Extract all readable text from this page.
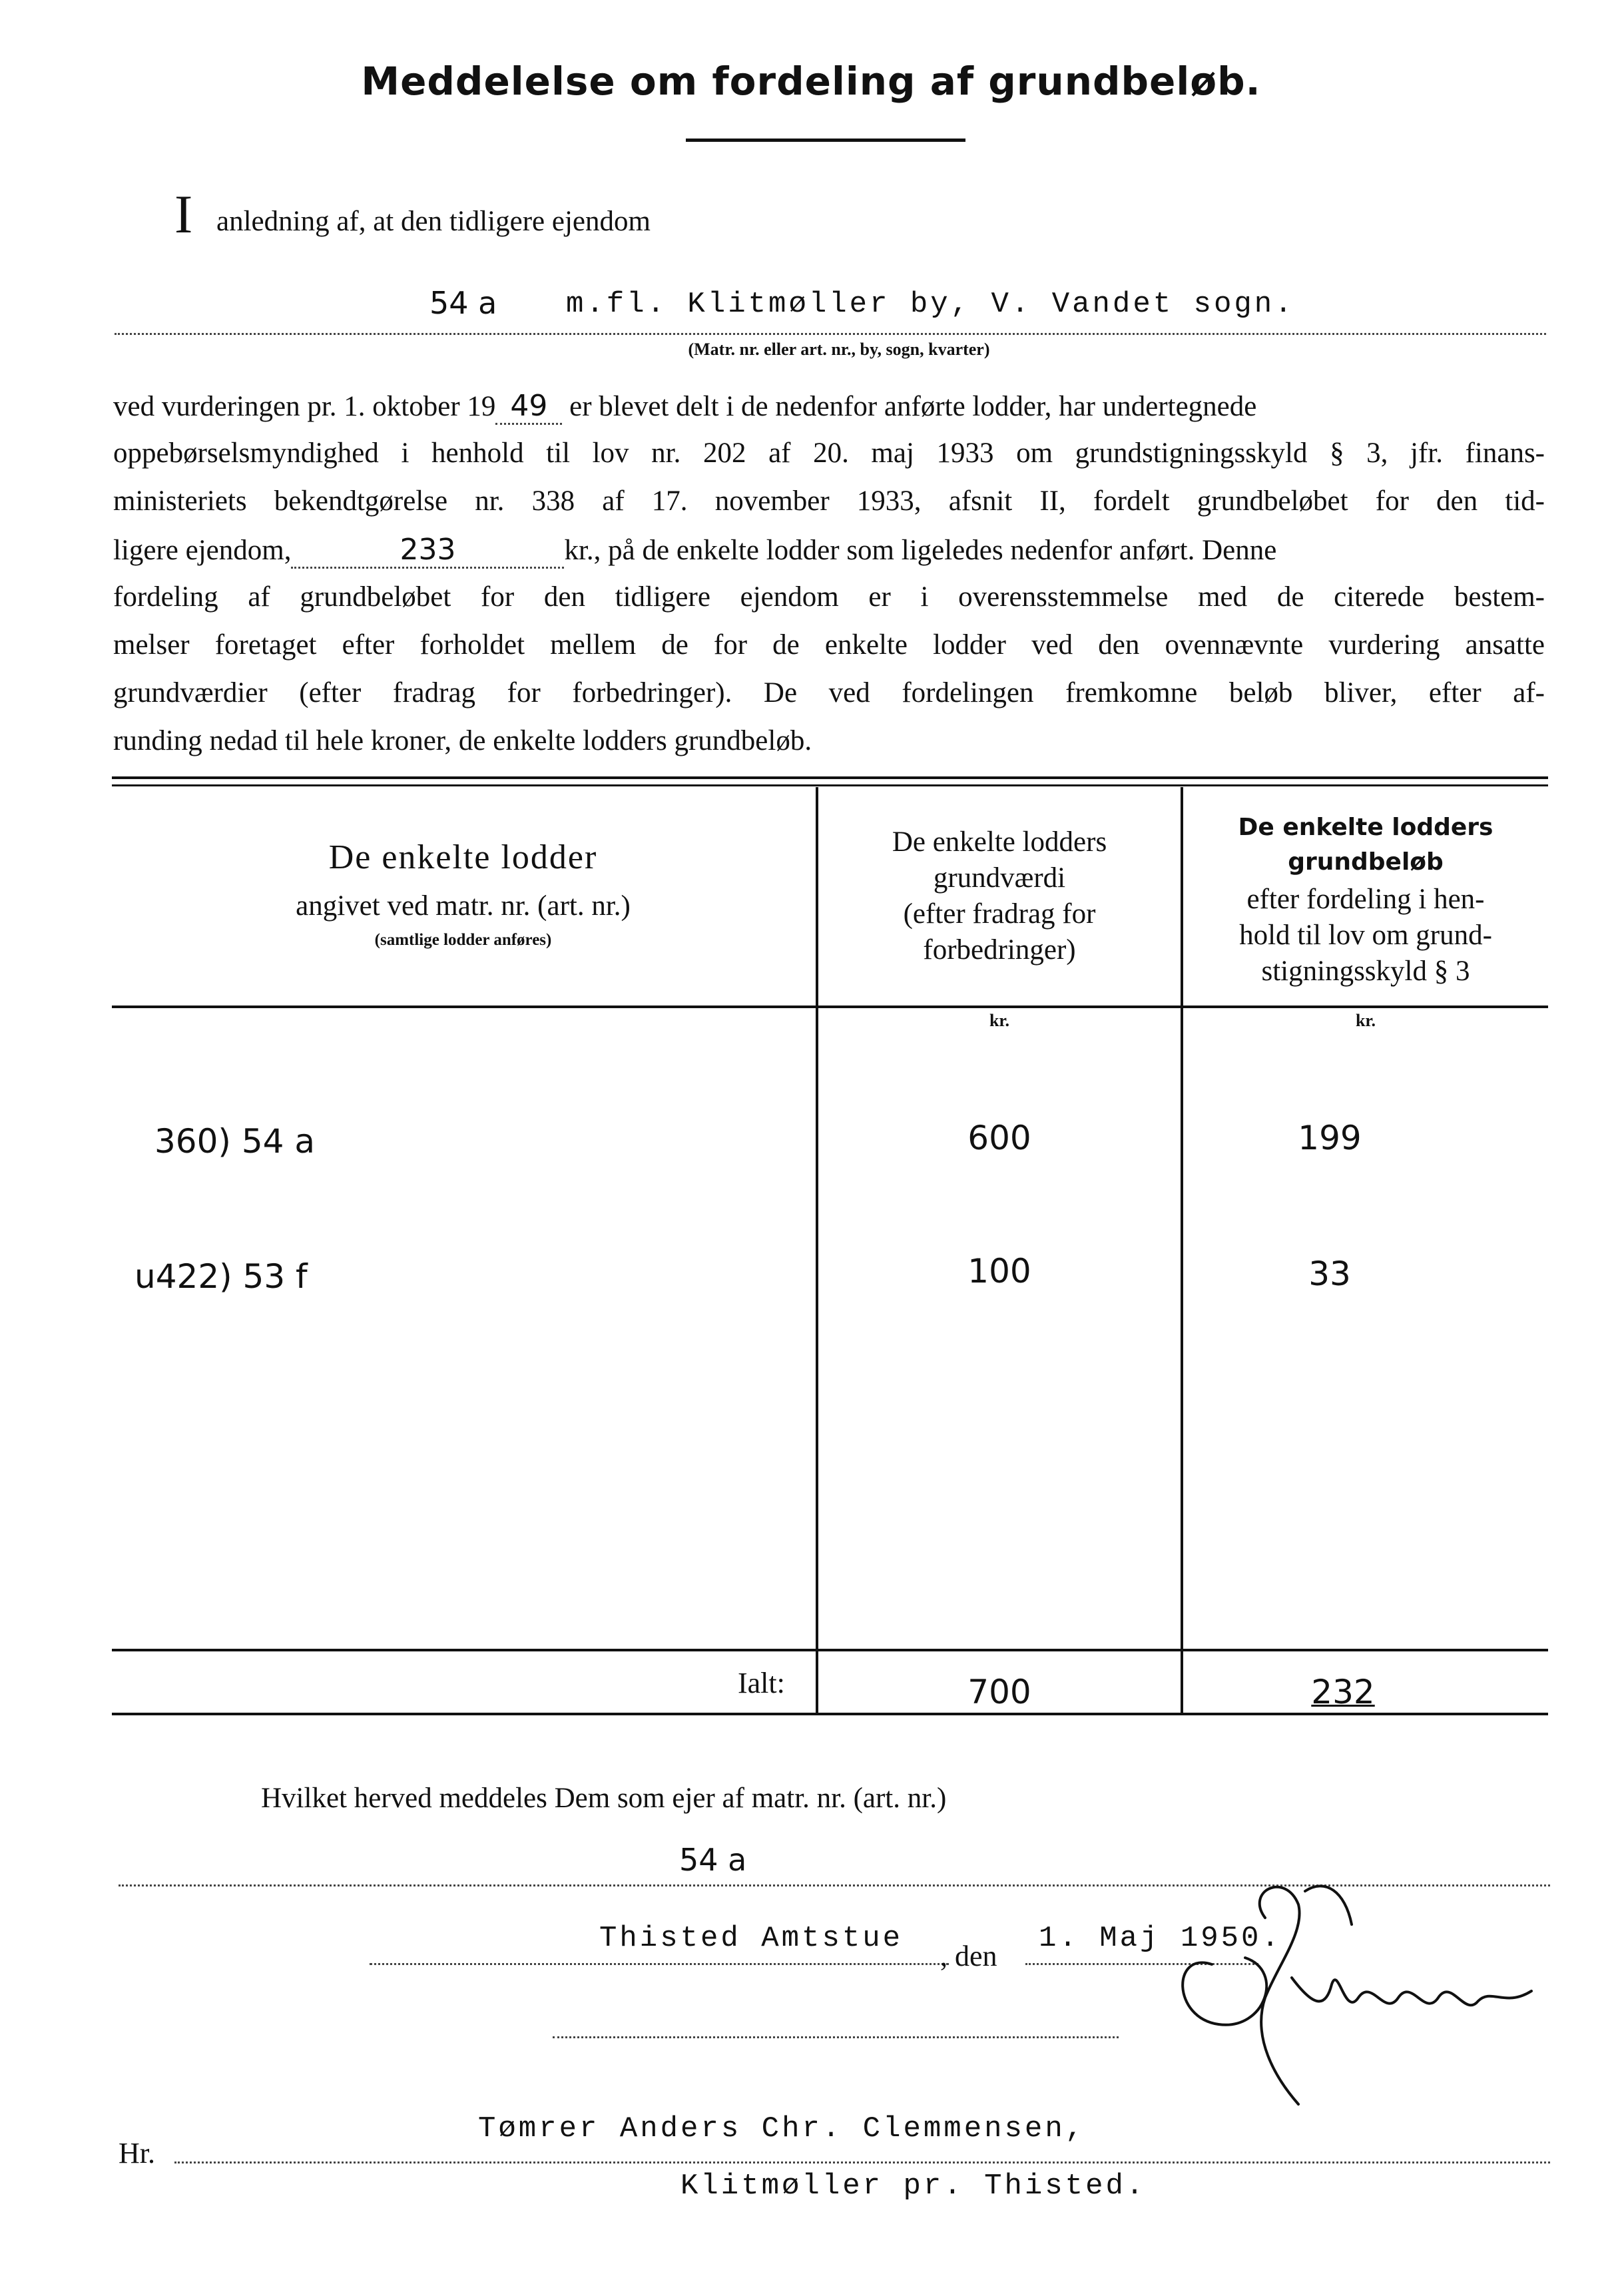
Meddelelse om fordeling af grundbeløb.
I anledning af, at den tidligere ejendom
54 a m.fl. Klitmøller by, V. Vandet sogn.
(Matr. nr. eller art. nr., by, sogn, kvarter)
ved vurderingen pr. 1. oktober 19 49 er blevet delt i de nedenfor anførte lodder, har undertegnede
oppebørselsmyndighed i henhold til lov nr. 202 af 20. maj 1933 om grundstigningsskyld § 3, jfr. finans-
ministeriets bekendtgørelse nr. 338 af 17. november 1933, afsnit II, fordelt grundbeløbet for den tid-
ligere ejendom,	233	kr., på de enkelte lodder som ligeledes nedenfor anført. Denne
fordeling af grundbeløbet for den tidligere ejendom er i overensstemmelse med de citerede bestem-
melser foretaget efter forholdet mellem de for de enkelte lodder ved den ovennævnte vurdering ansatte
grundværdier (efter fradrag for forbedringer). De ved fordelingen fremkomne beløb bliver, efter af-
runding nedad til hele kroner, de enkelte lodders grundbeløb.
De enkelte lodder
angivet ved matr. nr. (art. nr.)
(samtlige lodder anføres)
De enkelte lodders
grundværdi
(efter fradrag for
forbedringer)
kr.
De enkelte lodders
grundbeløb
efter fordeling i hen-
hold til lov om grund-
stigningsskyld § 3
kr.
360) 54 a	600	199
u422) 53 f	100	33
Ialt:	700	232
Hvilket herved meddeles Dem som ejer af matr. nr. (art. nr.)
54 a
Thisted Amtstue
, den
1. Maj 1950.
Hr.
Tømrer Anders Chr. Clemmensen,
Klitmøller pr. Thisted.
